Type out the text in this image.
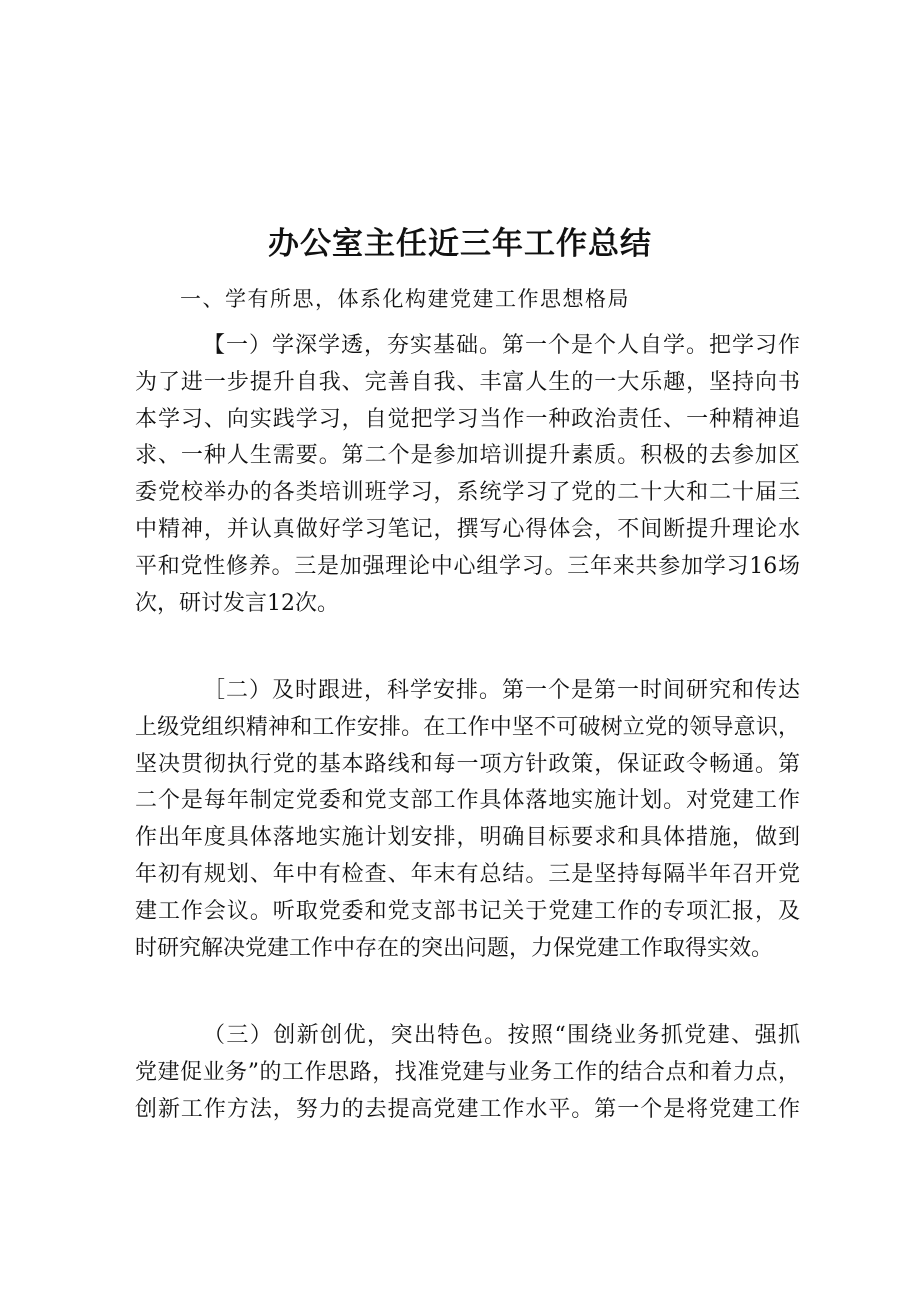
办公室主任近三年工作总结
一、学有所思，体系化构建党建工作思想格局
【一）学深学透，夯实基础。第一个是个人自学。把学习作
为了进一步提升自我、完善自我、丰富人生的一大乐趣，坚持向书
本学习、向实践学习，自觉把学习当作一种政治责任、一种精神追
求、一种人生需要。第二个是参加培训提升素质。积极的去参加区
委党校举办的各类培训班学习，系统学习了党的二十大和二十届三
中精神，并认真做好学习笔记，撰写心得体会，不间断提升理论水
平和党性修养。三是加强理论中心组学习。三年来共参加学习16场
次，研讨发言12次。
［二）及时跟进，科学安排。第一个是第一时间研究和传达
上级党组织精神和工作安排。在工作中坚不可破树立党的领导意识，
坚决贯彻执行党的基本路线和每一项方针政策，保证政令畅通。第
二个是每年制定党委和党支部工作具体落地实施计划。对党建工作
作出年度具体落地实施计划安排，明确目标要求和具体措施，做到
年初有规划、年中有检查、年末有总结。三是坚持每隔半年召开党
建工作会议。听取党委和党支部书记关于党建工作的专项汇报，及
时研究解决党建工作中存在的突出问题，力保党建工作取得实效。
（三）创新创优，突出特色。按照“围绕业务抓党建、强抓
党建促业务”的工作思路，找准党建与业务工作的结合点和着力点，
创新工作方法，努力的去提高党建工作水平。第一个是将党建工作
